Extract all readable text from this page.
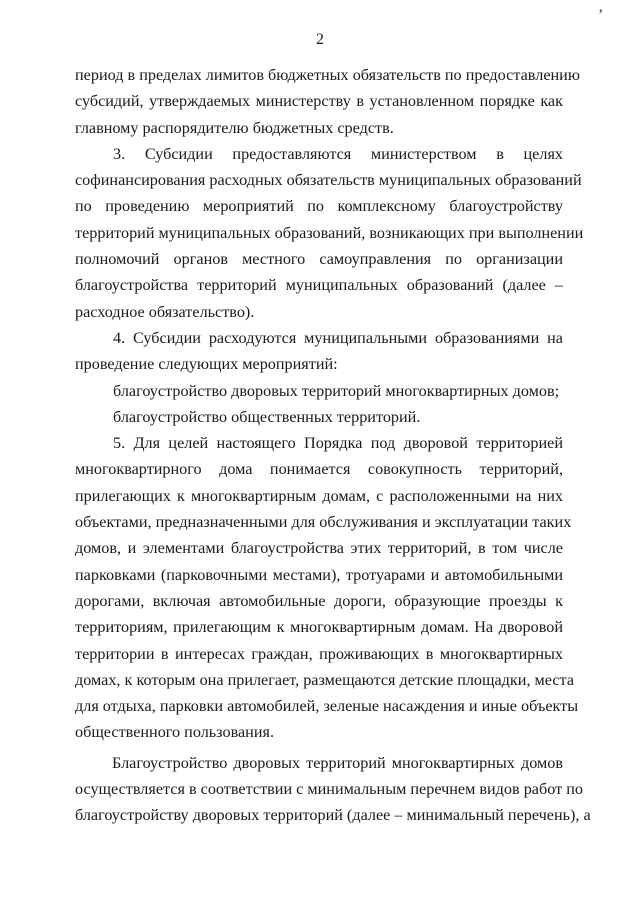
’
2
период в пределах лимитов бюджетных обязательств по предоставлению
субсидий, утверждаемых министерству в установленном порядке как
главному распорядителю бюджетных средств.
3. Субсидии предоставляются министерством в целях
софинансирования расходных обязательств муниципальных образований
по проведению мероприятий по комплексному благоустройству
территорий муниципальных образований, возникающих при выполнении
полномочий органов местного самоуправления по организации
благоустройства территорий муниципальных образований (далее –
расходное обязательство).
4. Субсидии расходуются муниципальными образованиями на
проведение следующих мероприятий:
благоустройство дворовых территорий многоквартирных домов;
благоустройство общественных территорий.
5. Для целей настоящего Порядка под дворовой территорией
многоквартирного дома понимается совокупность территорий,
прилегающих к многоквартирным домам, с расположенными на них
объектами, предназначенными для обслуживания и эксплуатации таких
домов, и элементами благоустройства этих территорий, в том числе
парковками (парковочными местами), тротуарами и автомобильными
дорогами, включая автомобильные дороги, образующие проезды к
территориям, прилегающим к многоквартирным домам. На дворовой
территории в интересах граждан, проживающих в многоквартирных
домах, к которым она прилегает, размещаются детские площадки, места
для отдыха, парковки автомобилей, зеленые насаждения и иные объекты
общественного пользования.
Благоустройство дворовых территорий многоквартирных домов
осуществляется в соответствии с минимальным перечнем видов работ по
благоустройству дворовых территорий (далее – минимальный перечень), а
